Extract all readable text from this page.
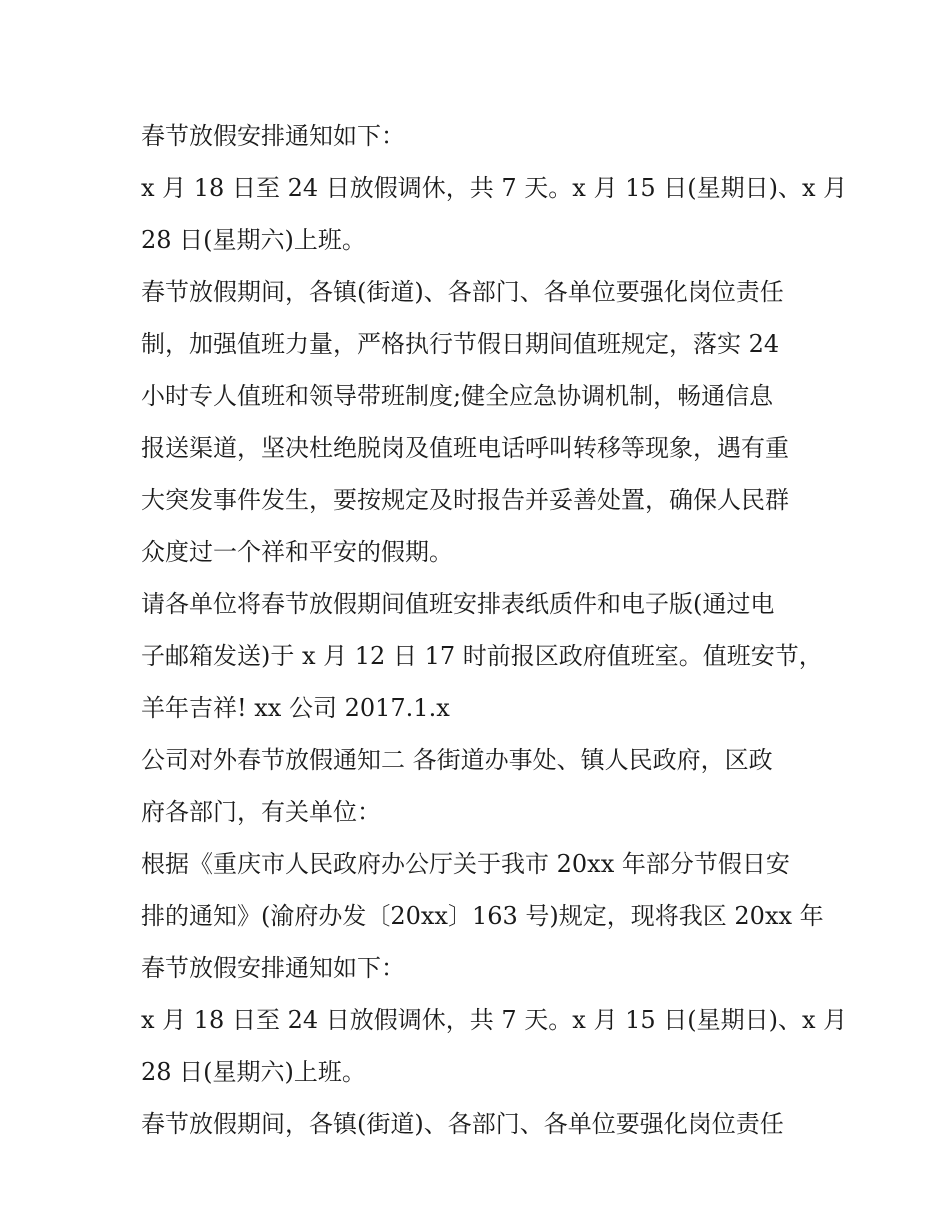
春节放假安排通知如下：
x 月 18 日至 24 日放假调休，共 7 天。x 月 15 日(星期日)、x 月
28 日(星期六)上班。
春节放假期间，各镇(街道)、各部门、各单位要强化岗位责任
制，加强值班力量，严格执行节假日期间值班规定，落实 24
小时专人值班和领导带班制度;健全应急协调机制，畅通信息
报送渠道，坚决杜绝脱岗及值班电话呼叫转移等现象，遇有重
大突发事件发生，要按规定及时报告并妥善处置，确保人民群
众度过一个祥和平安的假期。
请各单位将春节放假期间值班安排表纸质件和电子版(通过电
子邮箱发送)于 x 月 12 日 17 时前报区政府值班室。值班安节，
羊年吉祥! xx 公司 2017.1.x
公司对外春节放假通知二 各街道办事处、镇人民政府，区政
府各部门，有关单位：
根据《重庆市人民政府办公厅关于我市 20xx 年部分节假日安
排的通知》(渝府办发〔20xx〕163 号)规定，现将我区 20xx 年
春节放假安排通知如下：
x 月 18 日至 24 日放假调休，共 7 天。x 月 15 日(星期日)、x 月
28 日(星期六)上班。
春节放假期间，各镇(街道)、各部门、各单位要强化岗位责任
